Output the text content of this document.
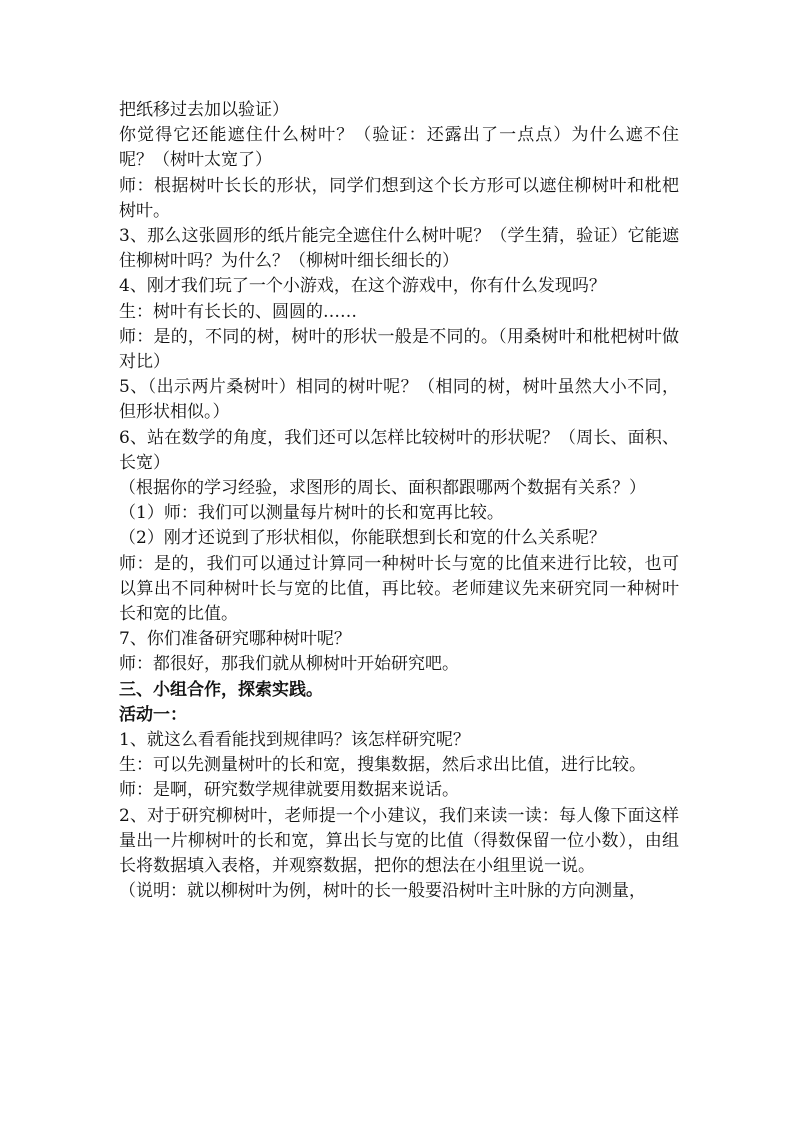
把纸移过去加以验证）

你觉得它还能遮住什么树叶？（验证：还露出了一点点）为什么遮不住呢？（树叶太宽了）

师：根据树叶长长的形状，同学们想到这个长方形可以遮住柳树叶和枇杷树叶。

3、那么这张圆形的纸片能完全遮住什么树叶呢？（学生猜，验证）它能遮住柳树叶吗？为什么？（柳树叶细长细长的）

4、刚才我们玩了一个小游戏，在这个游戏中，你有什么发现吗？

生：树叶有长长的、圆圆的……

师：是的，不同的树，树叶的形状一般是不同的。（用桑树叶和枇杷树叶做对比）

5、（出示两片桑树叶）相同的树叶呢？（相同的树，树叶虽然大小不同，但形状相似。）

6、站在数学的角度，我们还可以怎样比较树叶的形状呢？（周长、面积、长宽）

（根据你的学习经验，求图形的周长、面积都跟哪两个数据有关系？）

（1）师：我们可以测量每片树叶的长和宽再比较。

（2）刚才还说到了形状相似，你能联想到长和宽的什么关系呢？

师：是的，我们可以通过计算同一种树叶长与宽的比值来进行比较，也可以算出不同种树叶长与宽的比值，再比较。老师建议先来研究同一种树叶长和宽的比值。

7、你们准备研究哪种树叶呢？

师：都很好，那我们就从柳树叶开始研究吧。

三、小组合作，探索实践。

活动一：

1、就这么看看能找到规律吗？该怎样研究呢？

生：可以先测量树叶的长和宽，搜集数据，然后求出比值，进行比较。

师：是啊，研究数学规律就要用数据来说话。

2、对于研究柳树叶，老师提一个小建议，我们来读一读：每人像下面这样量出一片柳树叶的长和宽，算出长与宽的比值（得数保留一位小数），由组长将数据填入表格，并观察数据，把你的想法在小组里说一说。

（说明：就以柳树叶为例，树叶的长一般要沿树叶主叶脉的方向测量，
